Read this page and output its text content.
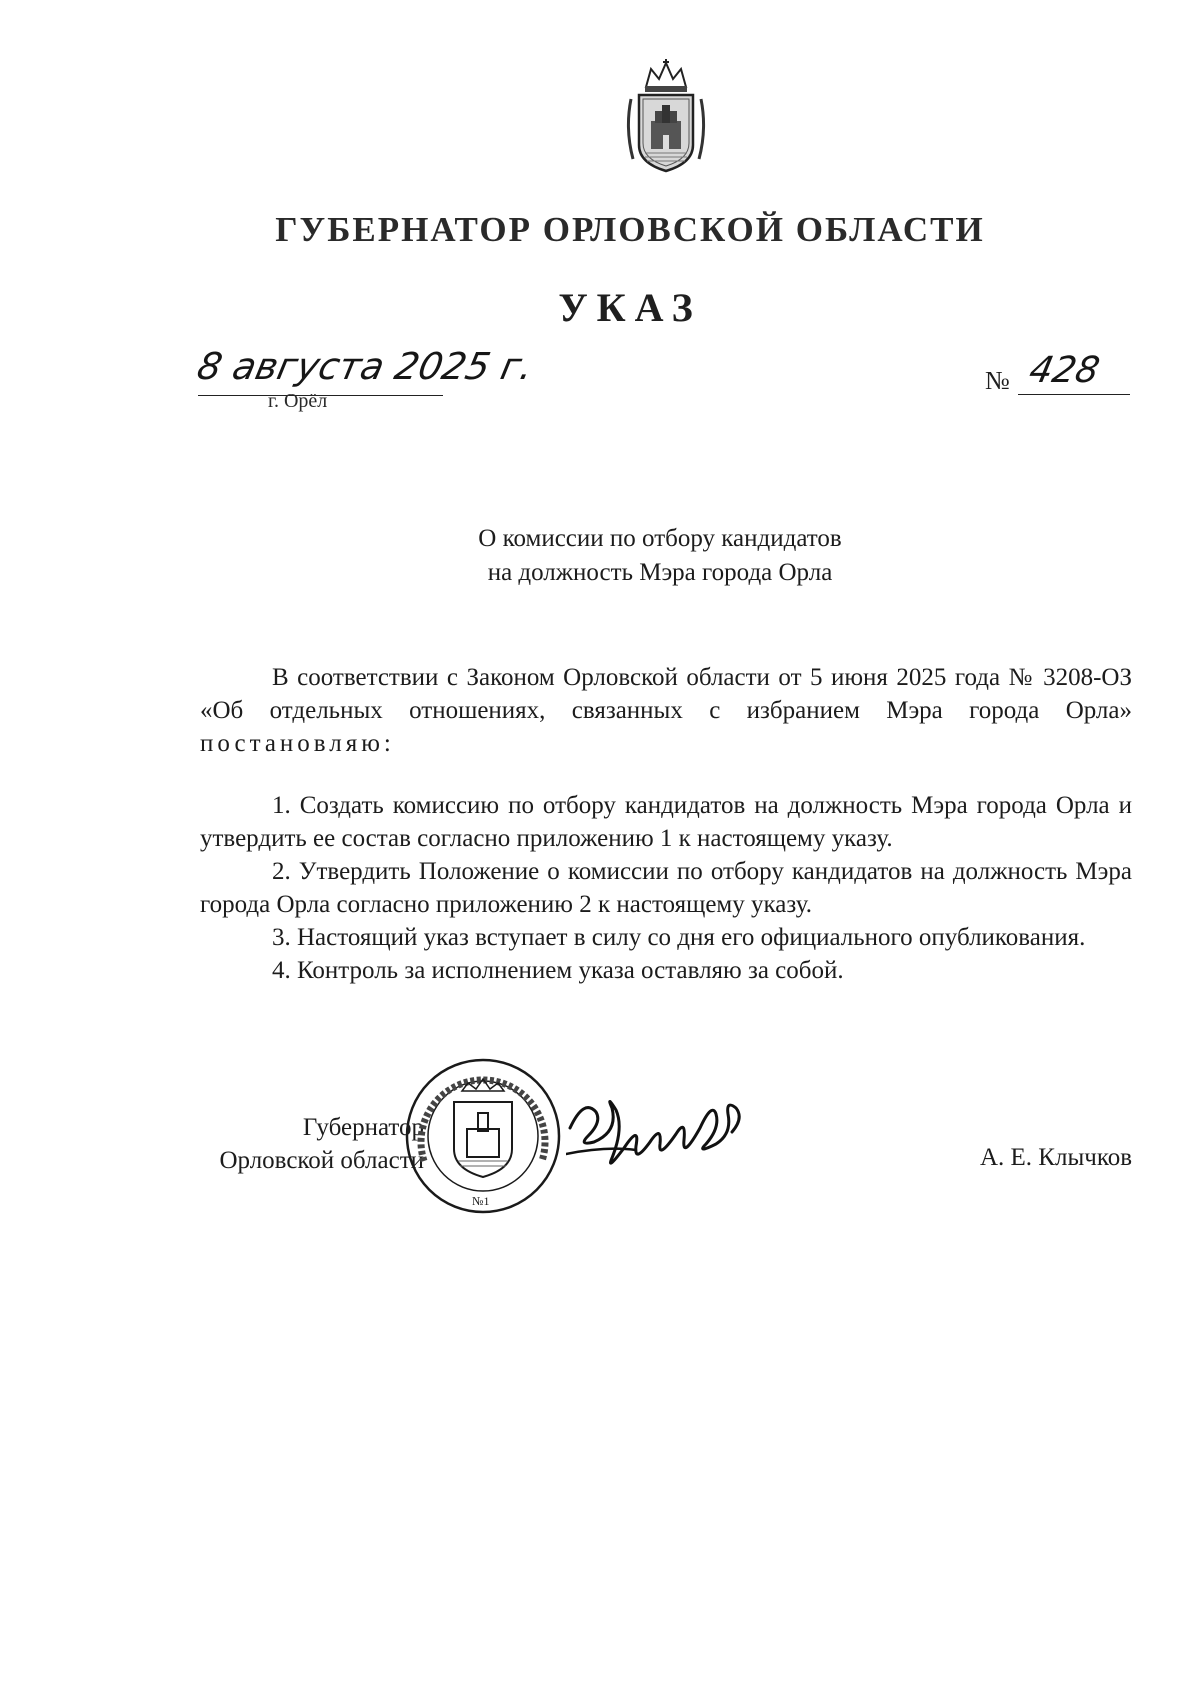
ГУБЕРНАТОР ОРЛОВСКОЙ ОБЛАСТИ
УКАЗ
8 августа 2025 г.
г. Орёл
№ 428
О комиссии по отбору кандидатов
на должность Мэра города Орла

В соответствии с Законом Орловской области от 5 июня 2025 года № 3208-ОЗ «Об отдельных отношениях, связанных с избранием Мэра города Орла» постановляю:

1. Создать комиссию по отбору кандидатов на должность Мэра города Орла и утвердить ее состав согласно приложению 1 к настоящему указу.

2. Утвердить Положение о комиссии по отбору кандидатов на должность Мэра города Орла согласно приложению 2 к настоящему указу.

3. Настоящий указ вступает в силу со дня его официального опубликования.

4. Контроль за исполнением указа оставляю за собой.

Губернатор
Орловской области
№1
А. Е. Клычков
